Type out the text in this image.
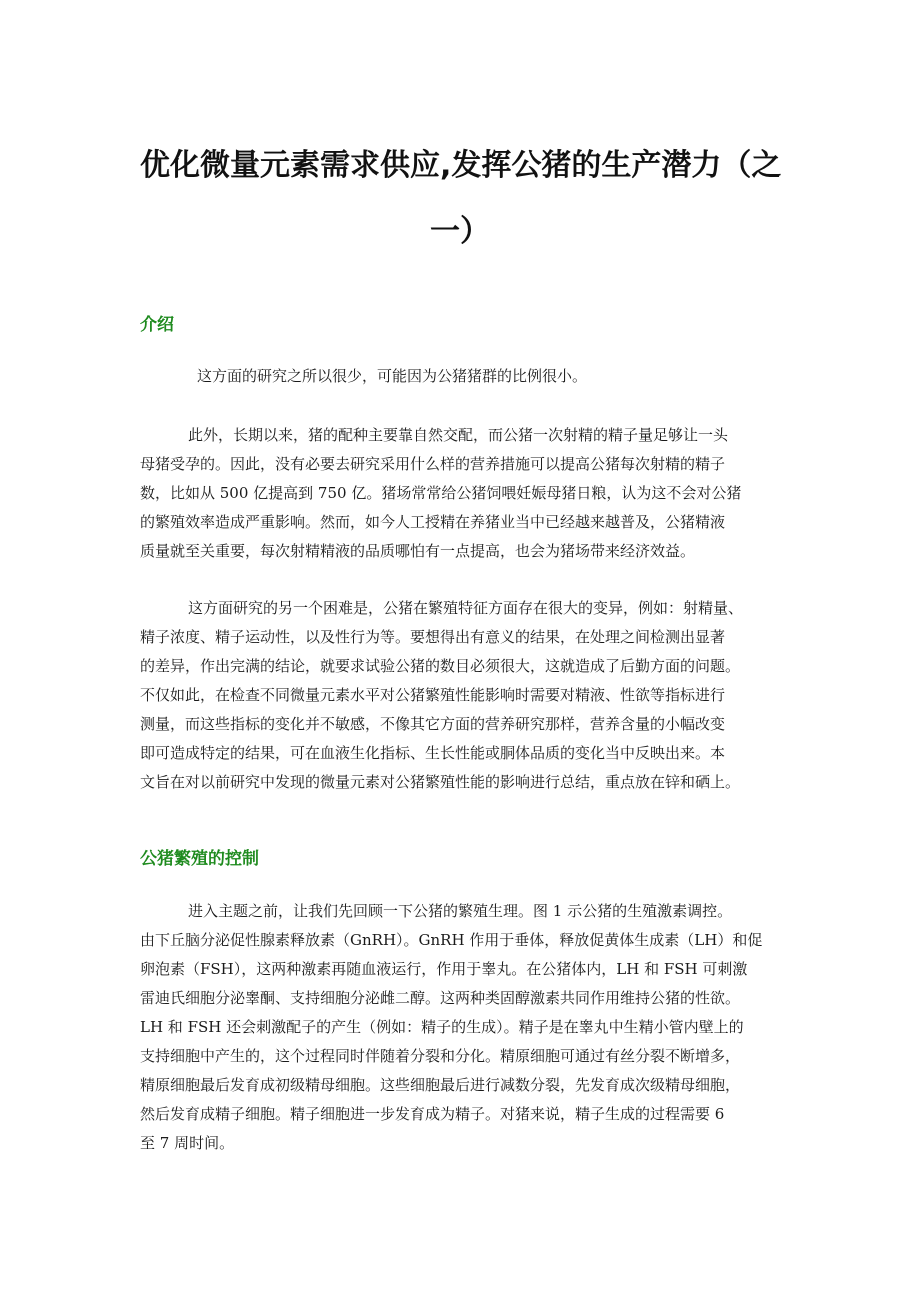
优化微量元素需求供应,发挥公猪的生产潜力（之
一）
介绍

这方面的研究之所以很少，可能因为公猪猪群的比例很小。

此外，长期以来，猪的配种主要靠自然交配，而公猪一次射精的精子量足够让一头
母猪受孕的。因此，没有必要去研究采用什么样的营养措施可以提高公猪每次射精的精子
数，比如从 500 亿提高到 750 亿。猪场常常给公猪饲喂妊娠母猪日粮，认为这不会对公猪
的繁殖效率造成严重影响。然而，如今人工授精在养猪业当中已经越来越普及，公猪精液
质量就至关重要，每次射精精液的品质哪怕有一点提高，也会为猪场带来经济效益。

这方面研究的另一个困难是，公猪在繁殖特征方面存在很大的变异，例如：射精量、
精子浓度、精子运动性，以及性行为等。要想得出有意义的结果，在处理之间检测出显著
的差异，作出完满的结论，就要求试验公猪的数目必须很大，这就造成了后勤方面的问题。
不仅如此，在检查不同微量元素水平对公猪繁殖性能影响时需要对精液、性欲等指标进行
测量，而这些指标的变化并不敏感，不像其它方面的营养研究那样，营养含量的小幅改变
即可造成特定的结果，可在血液生化指标、生长性能或胴体品质的变化当中反映出来。本
文旨在对以前研究中发现的微量元素对公猪繁殖性能的影响进行总结，重点放在锌和硒上。

公猪繁殖的控制

进入主题之前，让我们先回顾一下公猪的繁殖生理。图 1 示公猪的生殖激素调控。
由下丘脑分泌促性腺素释放素（GnRH）。GnRH 作用于垂体，释放促黄体生成素（LH）和促
卵泡素（FSH），这两种激素再随血液运行，作用于睾丸。在公猪体内，LH 和 FSH 可刺激
雷迪氏细胞分泌睾酮、支持细胞分泌雌二醇。这两种类固醇激素共同作用维持公猪的性欲。
LH 和 FSH 还会刺激配子的产生（例如：精子的生成）。精子是在睾丸中生精小管内壁上的
支持细胞中产生的，这个过程同时伴随着分裂和分化。精原细胞可通过有丝分裂不断增多，
精原细胞最后发育成初级精母细胞。这些细胞最后进行减数分裂，先发育成次级精母细胞，
然后发育成精子细胞。精子细胞进一步发育成为精子。对猪来说，精子生成的过程需要 6
至 7 周时间。
